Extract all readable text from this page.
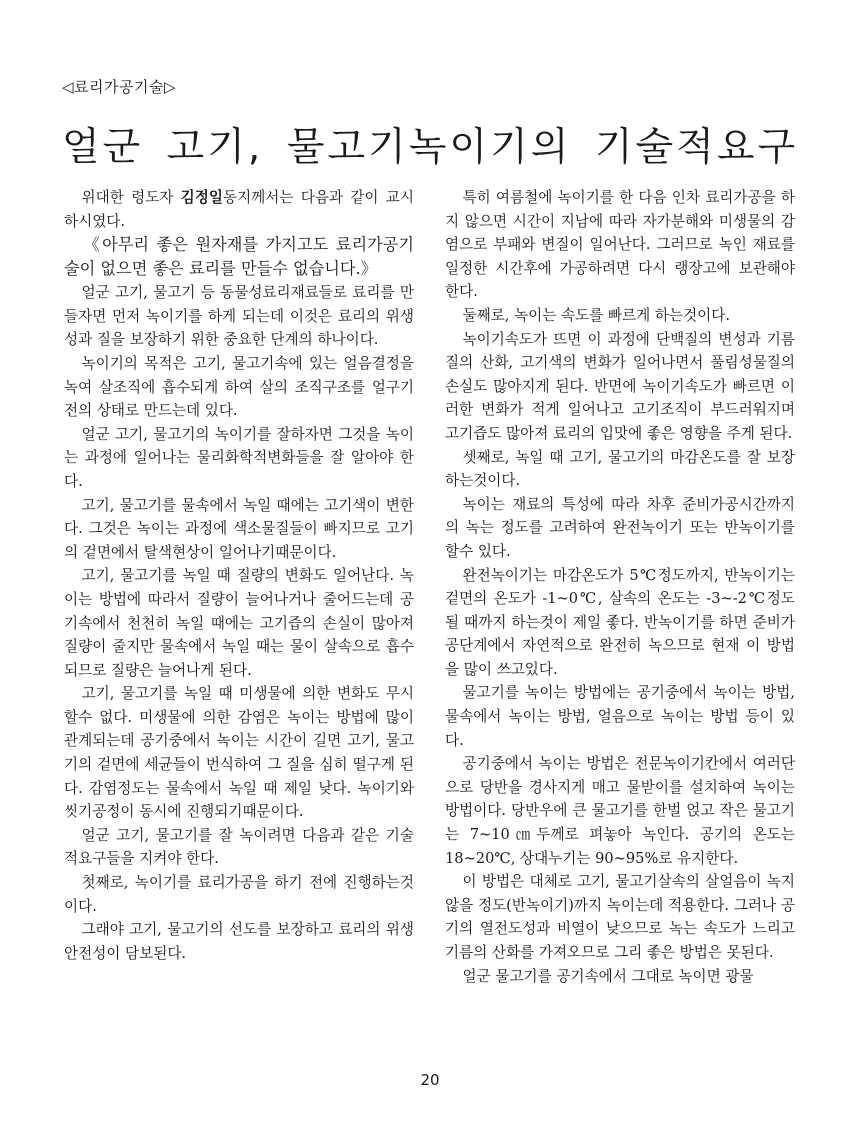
◁료리가공기술▷
얼군 고기, 물고기녹이기의 기술적요구

위대한 령도자 김정일동지께서는 다음과 같이 교시하시였다.

《아무리 좋은 원자재를 가지고도 료리가공기술이 없으면 좋은 료리를 만들수 없습니다.》

얼군 고기, 물고기 등 동물성료리재료들로 료리를 만들자면 먼저 녹이기를 하게 되는데 이것은 료리의 위생성과 질을 보장하기 위한 중요한 단계의 하나이다.

녹이기의 목적은 고기, 물고기속에 있는 얼음결정을 녹여 살조직에 흡수되게 하여 살의 조직구조를 얼구기 전의 상태로 만드는데 있다.

얼군 고기, 물고기의 녹이기를 잘하자면 그것을 녹이는 과정에 일어나는 물리화학적변화들을 잘 알아야 한다.

고기, 물고기를 물속에서 녹일 때에는 고기색이 변한다. 그것은 녹이는 과정에 색소물질들이 빠지므로 고기의 겉면에서 탈색현상이 일어나기때문이다.

고기, 물고기를 녹일 때 질량의 변화도 일어난다. 녹이는 방법에 따라서 질량이 늘어나거나 줄어드는데 공기속에서 천천히 녹일 때에는 고기즙의 손실이 많아져 질량이 줄지만 물속에서 녹일 때는 물이 살속으로 흡수되므로 질량은 늘어나게 된다.

고기, 물고기를 녹일 때 미생물에 의한 변화도 무시할수 없다. 미생물에 의한 감염은 녹이는 방법에 많이 관계되는데 공기중에서 녹이는 시간이 길면 고기, 물고기의 겉면에 세균들이 번식하여 그 질을 심히 떨구게 된다. 감염정도는 물속에서 녹일 때 제일 낮다. 녹이기와 씻기공정이 동시에 진행되기때문이다.

얼군 고기, 물고기를 잘 녹이려면 다음과 같은 기술적요구들을 지켜야 한다.

첫째로, 녹이기를 료리가공을 하기 전에 진행하는것이다.

그래야 고기, 물고기의 선도를 보장하고 료리의 위생안전성이 담보된다.

특히 여름철에 녹이기를 한 다음 인차 료리가공을 하지 않으면 시간이 지남에 따라 자가분해와 미생물의 감염으로 부패와 변질이 일어난다. 그러므로 녹인 재료를 일정한 시간후에 가공하려면 다시 랭장고에 보관해야 한다.

둘째로, 녹이는 속도를 빠르게 하는것이다.

녹이기속도가 뜨면 이 과정에 단백질의 변성과 기름질의 산화, 고기색의 변화가 일어나면서 풀림성물질의 손실도 많아지게 된다. 반면에 녹이기속도가 빠르면 이러한 변화가 적게 일어나고 고기조직이 부드러워지며 고기즙도 많아져 료리의 입맛에 좋은 영향을 주게 된다.

셋째로, 녹일 때 고기, 물고기의 마감온도를 잘 보장하는것이다.

녹이는 재료의 특성에 따라 차후 준비가공시간까지의 녹는 정도를 고려하여 완전녹이기 또는 반녹이기를 할수 있다.

완전녹이기는 마감온도가 5℃정도까지, 반녹이기는 겉면의 온도가 -1~0℃, 살속의 온도는 -3~-2℃정도 될 때까지 하는것이 제일 좋다. 반녹이기를 하면 준비가공단계에서 자연적으로 완전히 녹으므로 현재 이 방법을 많이 쓰고있다.

물고기를 녹이는 방법에는 공기중에서 녹이는 방법, 물속에서 녹이는 방법, 얼음으로 녹이는 방법 등이 있다.

공기중에서 녹이는 방법은 전문녹이기칸에서 여러단으로 당반을 경사지게 매고 물받이를 설치하여 녹이는 방법이다. 당반우에 큰 물고기를 한벌 얹고 작은 물고기는 7~10㎝두께로 펴놓아 녹인다. 공기의 온도는 18~20℃, 상대누기는 90~95%로 유지한다.

이 방법은 대체로 고기, 물고기살속의 살얼음이 녹지 않을 정도(반녹이기)까지 녹이는데 적용한다. 그러나 공기의 열전도성과 비열이 낮으므로 녹는 속도가 느리고 기름의 산화를 가져오므로 그리 좋은 방법은 못된다.

얼군 물고기를 공기속에서 그대로 녹이면 광물

20
